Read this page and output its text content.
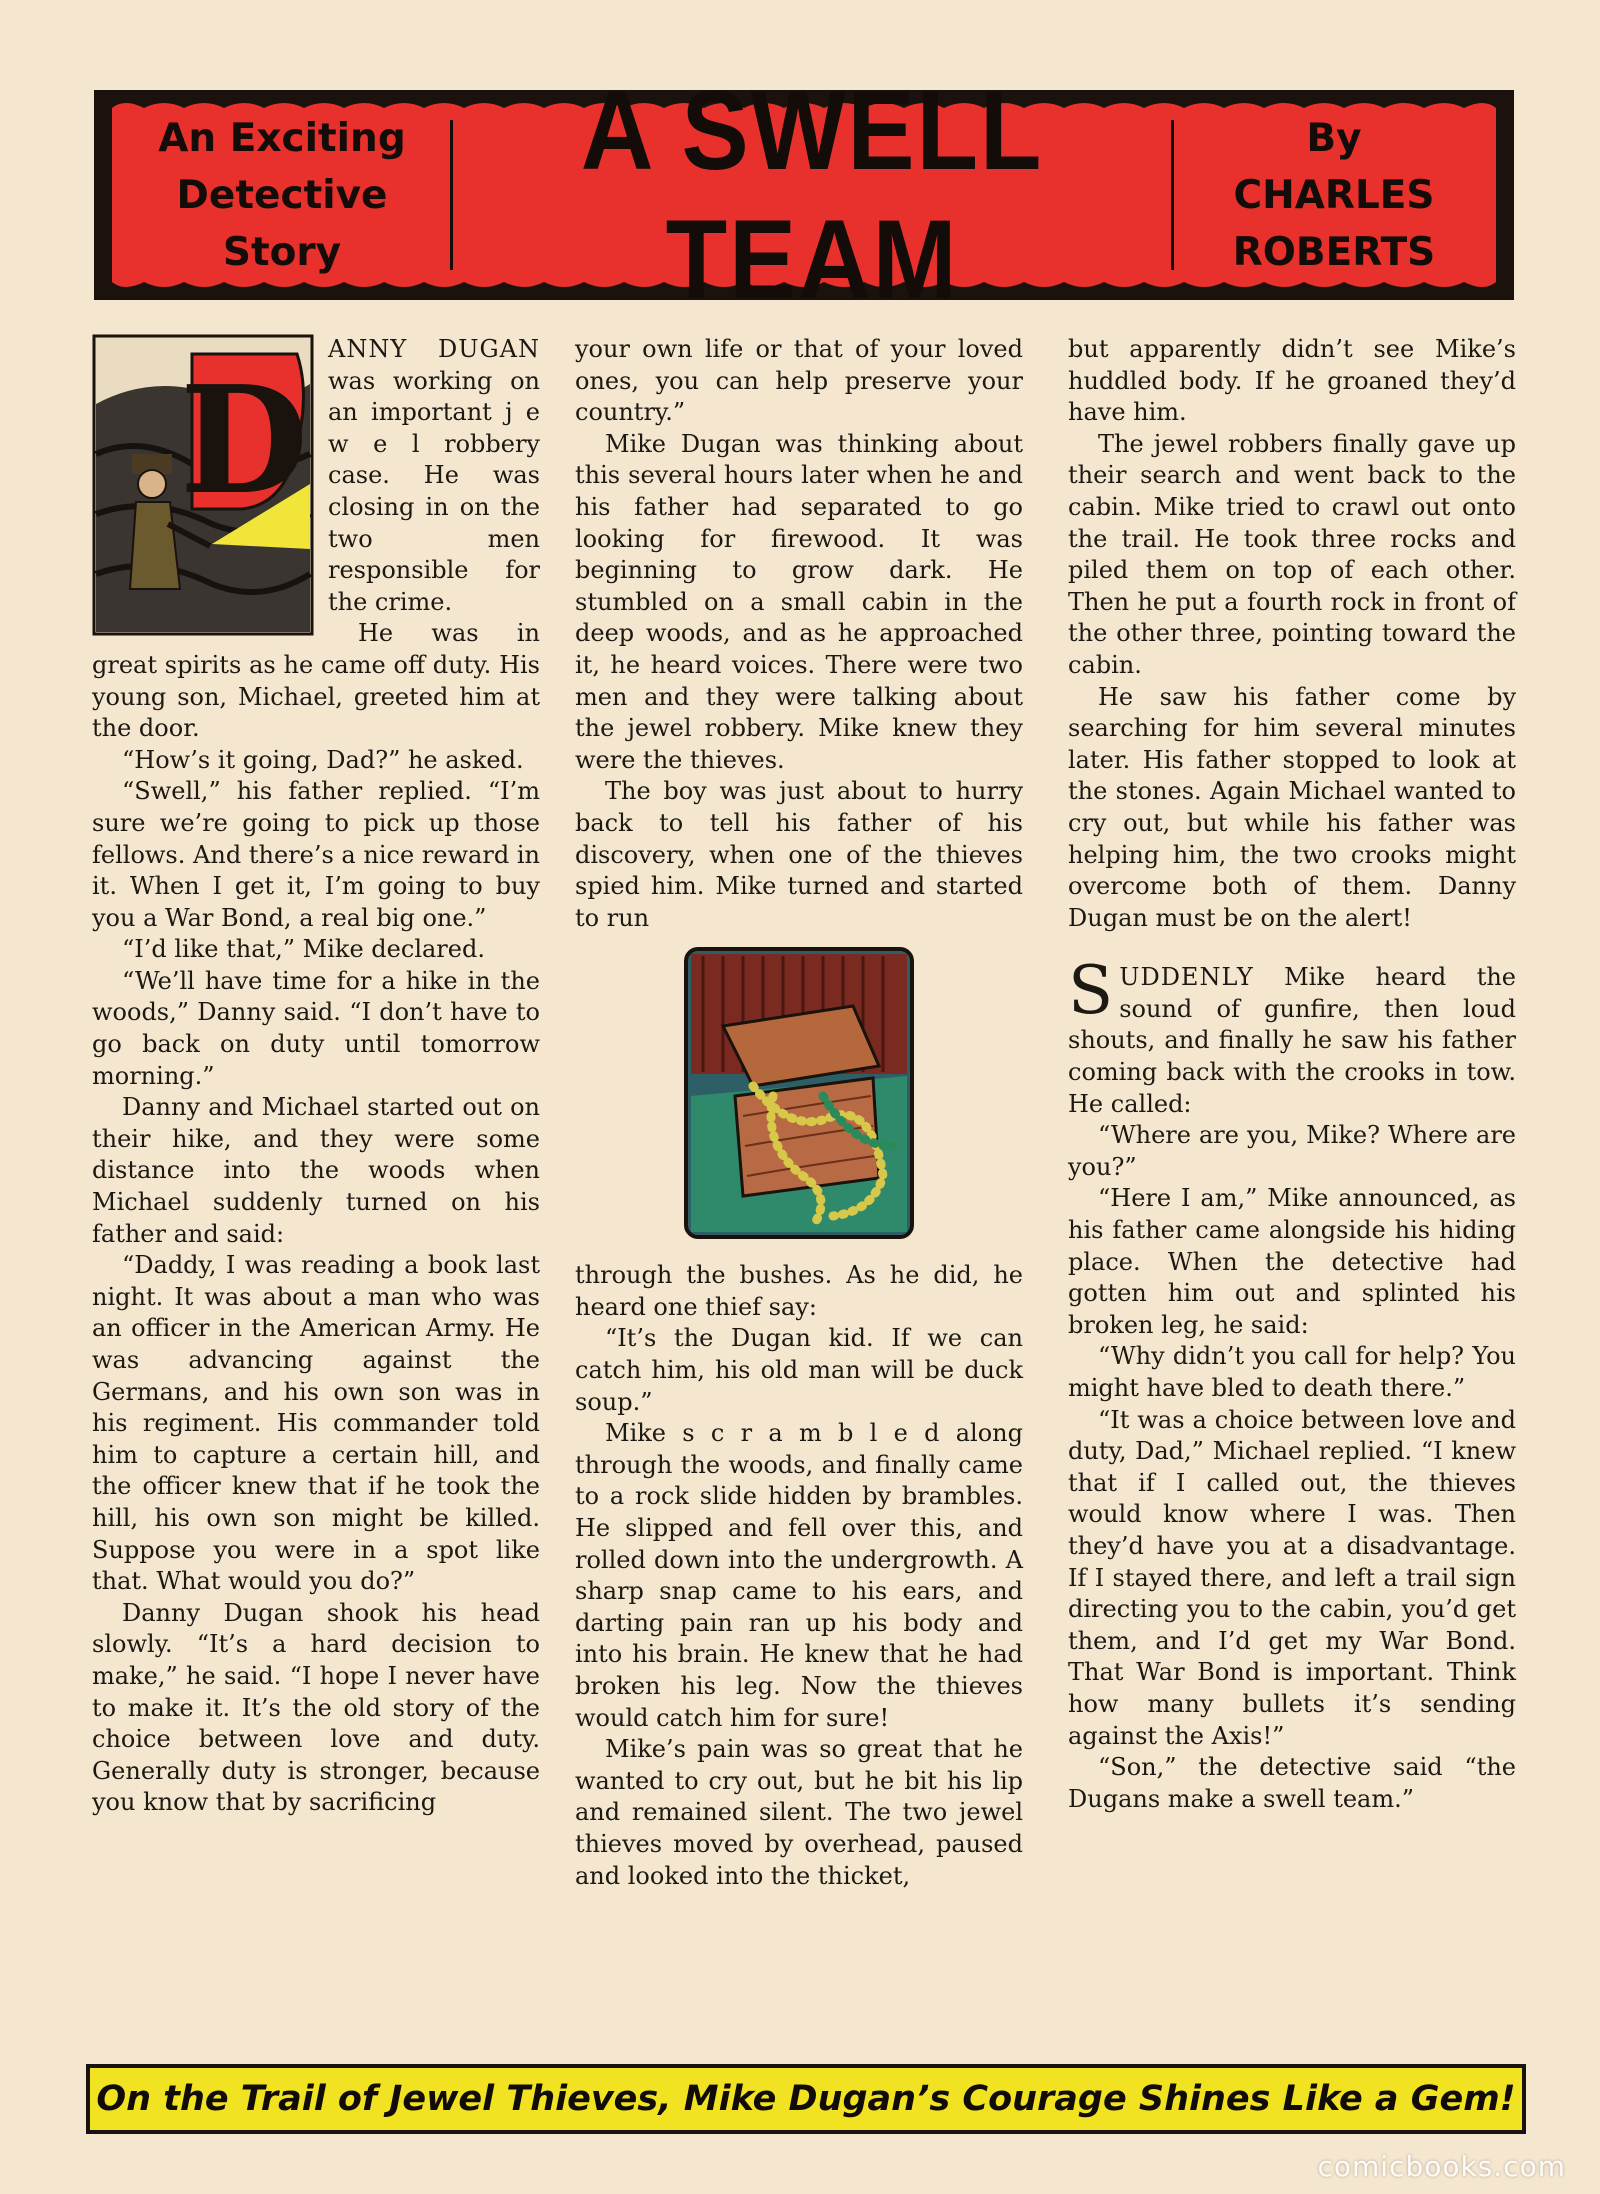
An Exciting
Detective
Story
A SWELL TEAM
By
CHARLES
ROBERTS
D

ANNY DUGAN was working on an important j e w e l robbery case. He was closing in on the two men responsible for the crime.

He was in great spirits as he came off duty. His young son, Michael, greeted him at the door.

“How’s it going, Dad?” he asked.

“Swell,” his father replied. “I’m sure we’re going to pick up those fellows. And there’s a nice reward in it. When I get it, I’m going to buy you a War Bond, a real big one.”

“I’d like that,” Mike declared.

“We’ll have time for a hike in the woods,” Danny said. “I don’t have to go back on duty until tomorrow morning.”

Danny and Michael started out on their hike, and they were some distance into the woods when Michael suddenly turned on his father and said:

“Daddy, I was reading a book last night. It was about a man who was an officer in the American Army. He was advancing against the Germans, and his own son was in his regiment. His commander told him to capture a certain hill, and the officer knew that if he took the hill, his own son might be killed. Suppose you were in a spot like that. What would you do?”

Danny Dugan shook his head slowly. “It’s a hard decision to make,” he said. “I hope I never have to make it. It’s the old story of the choice between love and duty. Generally duty is stronger, because you know that by sacrificing

your own life or that of your loved ones, you can help preserve your country.”

Mike Dugan was thinking about this several hours later when he and his father had separated to go looking for firewood. It was beginning to grow dark. He stumbled on a small cabin in the deep woods, and as he approached it, he heard voices. There were two men and they were talking about the jewel robbery. Mike knew they were the thieves.

The boy was just about to hurry back to tell his father of his discovery, when one of the thieves spied him. Mike turned and started to run

through the bushes. As he did, he heard one thief say:

“It’s the Dugan kid. If we can catch him, his old man will be duck soup.”

Mike s c r a m b l e d along through the woods, and finally came to a rock slide hidden by brambles. He slipped and fell over this, and rolled down into the undergrowth. A sharp snap came to his ears, and darting pain ran up his body and into his brain. He knew that he had broken his leg. Now the thieves would catch him for sure!

Mike’s pain was so great that he wanted to cry out, but he bit his lip and remained silent. The two jewel thieves moved by overhead, paused and looked into the thicket,

but apparently didn’t see Mike’s huddled body. If he groaned they’d have him.

The jewel robbers finally gave up their search and went back to the cabin. Mike tried to crawl out onto the trail. He took three rocks and piled them on top of each other. Then he put a fourth rock in front of the other three, pointing toward the cabin.

He saw his father come by searching for him several minutes later. His father stopped to look at the stones. Again Michael wanted to cry out, but while his father was helping him, the two crooks might overcome both of them. Danny Dugan must be on the alert!

SUDDENLY Mike heard the sound of gunfire, then loud shouts, and finally he saw his father coming back with the crooks in tow. He called:

“Where are you, Mike? Where are you?”

“Here I am,” Mike announced, as his father came alongside his hiding place. When the detective had gotten him out and splinted his broken leg, he said:

“Why didn’t you call for help? You might have bled to death there.”

“It was a choice between love and duty, Dad,” Michael replied. “I knew that if I called out, the thieves would know where I was. Then they’d have you at a disadvantage. If I stayed there, and left a trail sign directing you to the cabin, you’d get them, and I’d get my War Bond. That War Bond is important. Think how many bullets it’s sending against the Axis!”

“Son,” the detective said “the Dugans make a swell team.”

On the Trail of Jewel Thieves, Mike Dugan’s Courage Shines Like a Gem!
comicbooks.com
